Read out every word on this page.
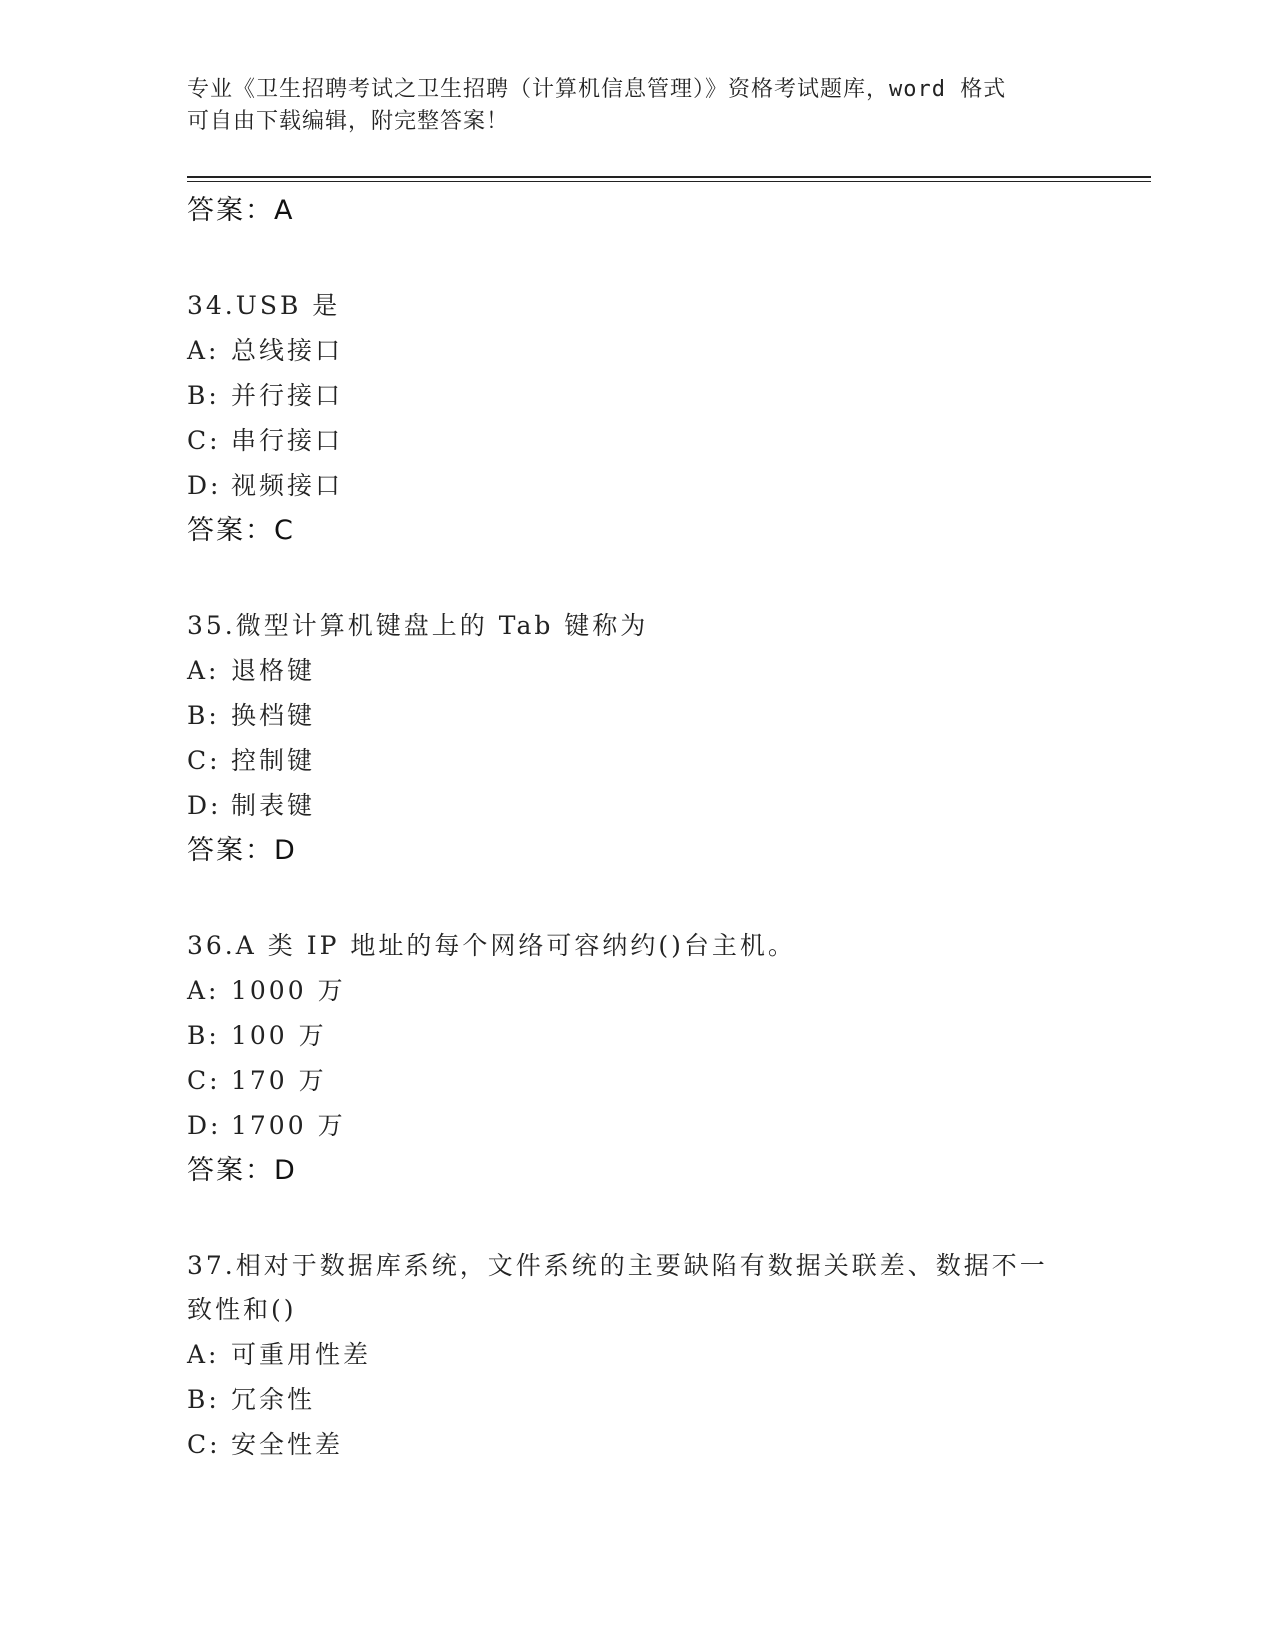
专业《卫生招聘考试之卫生招聘（计算机信息管理）》资格考试题库，word 格式
可自由下载编辑，附完整答案！
答案：A
34.USB 是
A: 总线接口
B: 并行接口
C: 串行接口
D: 视频接口
答案：C
35.微型计算机键盘上的 Tab 键称为
A: 退格键
B: 换档键
C: 控制键
D: 制表键
答案：D
36.A 类 IP 地址的每个网络可容纳约()台主机。
A: 1000 万
B: 100 万
C: 170 万
D: 1700 万
答案：D
37.相对于数据库系统，文件系统的主要缺陷有数据关联差、数据不一
致性和()
A: 可重用性差
B: 冗余性
C: 安全性差
